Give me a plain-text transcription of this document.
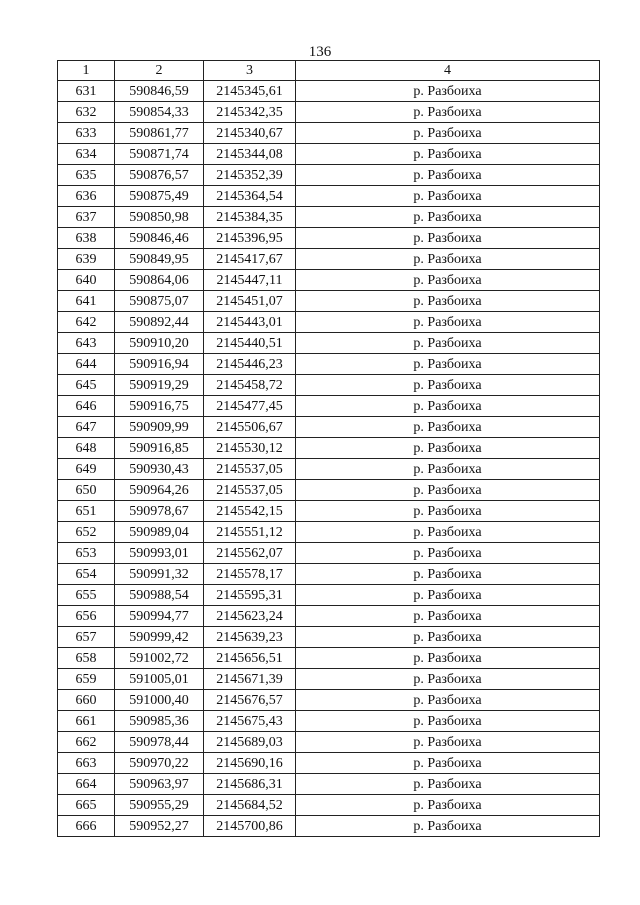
136
1	2	3	4
631	590846,59	2145345,61	р. Разбоиха
632	590854,33	2145342,35	р. Разбоиха
633	590861,77	2145340,67	р. Разбоиха
634	590871,74	2145344,08	р. Разбоиха
635	590876,57	2145352,39	р. Разбоиха
636	590875,49	2145364,54	р. Разбоиха
637	590850,98	2145384,35	р. Разбоиха
638	590846,46	2145396,95	р. Разбоиха
639	590849,95	2145417,67	р. Разбоиха
640	590864,06	2145447,11	р. Разбоиха
641	590875,07	2145451,07	р. Разбоиха
642	590892,44	2145443,01	р. Разбоиха
643	590910,20	2145440,51	р. Разбоиха
644	590916,94	2145446,23	р. Разбоиха
645	590919,29	2145458,72	р. Разбоиха
646	590916,75	2145477,45	р. Разбоиха
647	590909,99	2145506,67	р. Разбоиха
648	590916,85	2145530,12	р. Разбоиха
649	590930,43	2145537,05	р. Разбоиха
650	590964,26	2145537,05	р. Разбоиха
651	590978,67	2145542,15	р. Разбоиха
652	590989,04	2145551,12	р. Разбоиха
653	590993,01	2145562,07	р. Разбоиха
654	590991,32	2145578,17	р. Разбоиха
655	590988,54	2145595,31	р. Разбоиха
656	590994,77	2145623,24	р. Разбоиха
657	590999,42	2145639,23	р. Разбоиха
658	591002,72	2145656,51	р. Разбоиха
659	591005,01	2145671,39	р. Разбоиха
660	591000,40	2145676,57	р. Разбоиха
661	590985,36	2145675,43	р. Разбоиха
662	590978,44	2145689,03	р. Разбоиха
663	590970,22	2145690,16	р. Разбоиха
664	590963,97	2145686,31	р. Разбоиха
665	590955,29	2145684,52	р. Разбоиха
666	590952,27	2145700,86	р. Разбоиха
